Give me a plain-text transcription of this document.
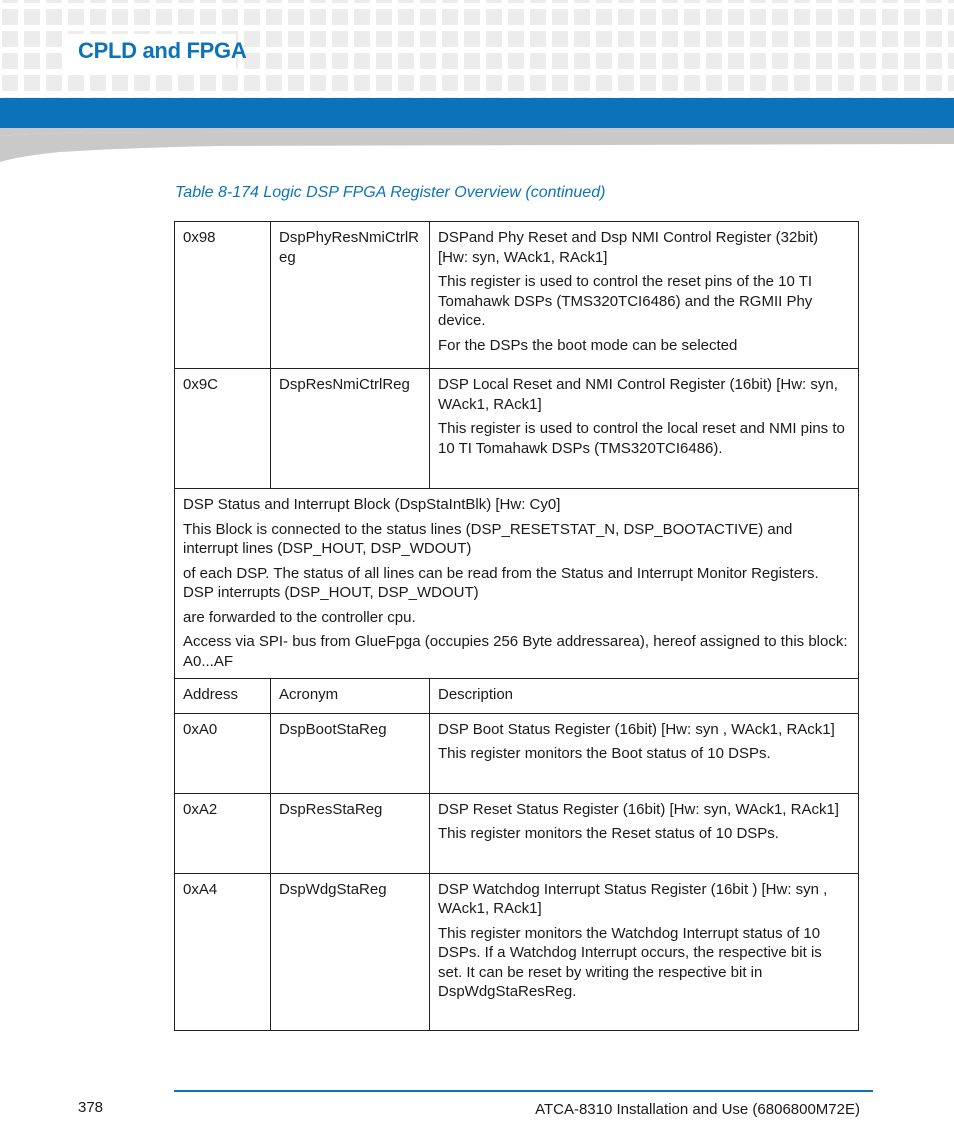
CPLD and FPGA
Table 8-174 Logic DSP FPGA Register Overview (continued)
0x98	DspPhyResNmiCtrlR eg	DSPand Phy Reset and Dsp NMI Control Register (32bit) [Hw: syn, WAck1, RAck1]

This register is used to control the reset pins of the 10 TI Tomahawk DSPs (TMS320TCI6486) and the RGMII Phy device.

For the DSPs the boot mode can be selected

0x9C	DspResNmiCtrlReg	DSP Local Reset and NMI Control Register (16bit) [Hw: syn, WAck1, RAck1]

This register is used to control the local reset and NMI pins to 10 TI Tomahawk DSPs (TMS320TCI6486).

DSP Status and Interrupt Block (DspStaIntBlk) [Hw: Cy0]

This Block is connected to the status lines (DSP_RESETSTAT_N, DSP_BOOTACTIVE) and interrupt lines (DSP_HOUT, DSP_WDOUT)

of each DSP. The status of all lines can be read from the Status and Interrupt Monitor Registers. DSP interrupts (DSP_HOUT, DSP_WDOUT)

are forwarded to the controller cpu.

Access via SPI- bus from GlueFpga (occupies 256 Byte addressarea), hereof assigned to this block: A0...AF		

Address	Acronym	Description
0xA0	DspBootStaReg	DSP Boot Status Register (16bit) [Hw: syn , WAck1, RAck1]

This register monitors the Boot status of 10 DSPs.

0xA2	DspResStaReg	DSP Reset Status Register (16bit) [Hw: syn, WAck1, RAck1]

This register monitors the Reset status of 10 DSPs.

0xA4	DspWdgStaReg	DSP Watchdog Interrupt Status Register (16bit ) [Hw: syn , WAck1, RAck1]

This register monitors the Watchdog Interrupt status of 10 DSPs. If a Watchdog Interrupt occurs, the respective bit is set. It can be reset by writing the respective bit in DspWdgStaResReg.

378	ATCA-8310 Installation and Use (6806800M72E)
